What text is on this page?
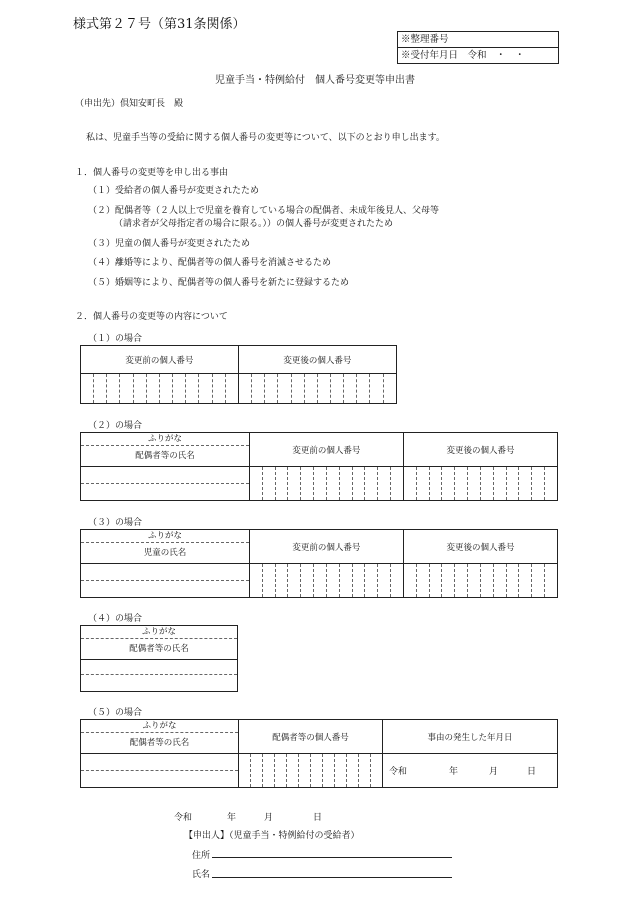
様式第２７号（第31条関係）
※整理番号
※受付年月日　令和　・　・
児童手当・特例給付　個人番号変更等申出書
（申出先）倶知安町長　殿
私は、児童手当等の受給に関する個人番号の変更等について、以下のとおり申し出ます。
１．個人番号の変更等を申し出る事由
（１）受給者の個人番号が変更されたため
（２）配偶者等（２人以上で児童を養育している場合の配偶者、未成年後見人、父母等
（請求者が父母指定者の場合に限る。））の個人番号が変更されたため
（３）児童の個人番号が変更されたため
（４）離婚等により、配偶者等の個人番号を消滅させるため
（５）婚姻等により、配偶者等の個人番号を新たに登録するため
２．個人番号の変更等の内容について
（１）の場合
変更前の個人番号												変更後の個人番号											

（２）の場合
ふりがな
配偶者等の氏名	変更前の個人番号												変更後の個人番号											

（３）の場合
ふりがな
児童の氏名	変更前の個人番号												変更後の個人番号											

（４）の場合
ふりがな
配偶者等の氏名

（５）の場合
ふりがな
配偶者等の氏名	配偶者等の個人番号												事由の発生した年月日

													令和 年 月 日
令和	年	月	日
【申出人】（児童手当・特例給付の受給者）
住所
氏名
